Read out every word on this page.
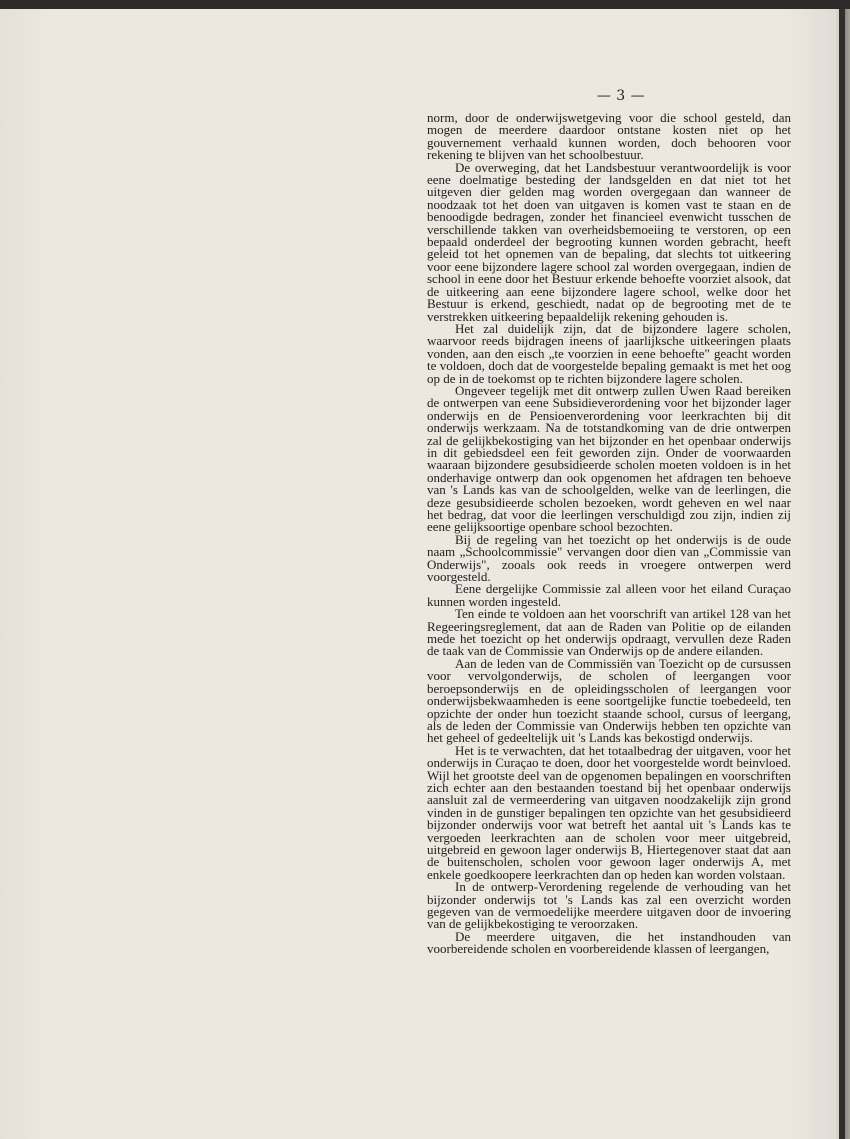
— 3 —

norm, door de onderwijswetgeving voor die school gesteld, dan mogen de meerdere daardoor ontstane kosten niet op het gouvernement verhaald kunnen worden, doch behooren voor rekening te blijven van het schoolbestuur.

De overweging, dat het Landsbestuur verantwoordelijk is voor eene doelmatige besteding der landsgelden en dat niet tot het uitgeven dier gelden mag worden overgegaan dan wanneer de noodzaak tot het doen van uitgaven is komen vast te staan en de benoodigde bedragen, zonder het financieel evenwicht tusschen de verschillende takken van overheidsbemoeiing te verstoren, op een bepaald onderdeel der begrooting kunnen worden gebracht, heeft geleid tot het opnemen van de bepaling, dat slechts tot uitkeering voor eene bijzondere lagere school zal worden overgegaan, indien de school in eene door het Bestuur erkende behoefte voorziet alsook, dat de uitkeering aan eene bijzondere lagere school, welke door het Bestuur is erkend, geschiedt, nadat op de begrooting met de te verstrekken uitkeering bepaaldelijk rekening gehouden is.

Het zal duidelijk zijn, dat de bijzondere lagere scholen, waarvoor reeds bijdragen ineens of jaarlijksche uitkeeringen plaats vonden, aan den eisch „te voorzien in eene behoefte" geacht worden te voldoen, doch dat de voorgestelde bepaling gemaakt is met het oog op de in de toekomst op te richten bijzondere lagere scholen.

Ongeveer tegelijk met dit ontwerp zullen Uwen Raad bereiken de ontwerpen van eene Subsidieverordening voor het bijzonder lager onderwijs en de Pensioenverordening voor leerkrachten bij dit onderwijs werkzaam. Na de totstandkoming van de drie ontwerpen zal de gelijkbekostiging van het bijzonder en het openbaar onderwijs in dit gebiedsdeel een feit geworden zijn. Onder de voorwaarden waaraan bijzondere gesubsidieerde scholen moeten voldoen is in het onderhavige ontwerp dan ook opgenomen het afdragen ten behoeve van 's Lands kas van de schoolgelden, welke van de leerlingen, die deze gesubsidieerde scholen bezoeken, wordt geheven en wel naar het bedrag, dat voor die leerlingen verschuldigd zou zijn, indien zij eene gelijksoortige openbare school bezochten.

Bij de regeling van het toezicht op het onderwijs is de oude naam „Schoolcommissie" vervangen door dien van „Commissie van Onderwijs", zooals ook reeds in vroegere ontwerpen werd voorgesteld.

Eene dergelijke Commissie zal alleen voor het eiland Curaçao kunnen worden ingesteld.

Ten einde te voldoen aan het voorschrift van artikel 128 van het Regeeringsreglement, dat aan de Raden van Politie op de eilanden mede het toezicht op het onderwijs opdraagt, vervullen deze Raden de taak van de Commissie van Onderwijs op de andere eilanden.

Aan de leden van de Commissiën van Toezicht op de cursussen voor vervolgonderwijs, de scholen of leergangen voor beroepsonderwijs en de opleidingsscholen of leergangen voor onderwijsbekwaamheden is eene soortgelijke functie toebedeeld, ten opzichte der onder hun toezicht staande school, cursus of leergang, als de leden der Commissie van Onderwijs hebben ten opzichte van het geheel of gedeeltelijk uit 's Lands kas bekostigd onderwijs.

Het is te verwachten, dat het totaalbedrag der uitgaven, voor het onderwijs in Curaçao te doen, door het voorgestelde wordt beinvloed. Wijl het grootste deel van de opgenomen bepalingen en voorschriften zich echter aan den bestaanden toestand bij het openbaar onderwijs aansluit zal de vermeerdering van uitgaven noodzakelijk zijn grond vinden in de gunstiger bepalingen ten opzichte van het gesubsidieerd bijzonder onderwijs voor wat betreft het aantal uit 's Lands kas te vergoeden leerkrachten aan de scholen voor meer uitgebreid, uitgebreid en gewoon lager onderwijs B, Hiertegenover staat dat aan de buitenscholen, scholen voor gewoon lager onderwijs A, met enkele goedkoopere leerkrachten dan op heden kan worden volstaan.

In de ontwerp-Verordening regelende de verhouding van het bijzonder onderwijs tot 's Lands kas zal een overzicht worden gegeven van de vermoedelijke meerdere uitgaven door de invoering van de gelijkbekostiging te veroorzaken.

De meerdere uitgaven, die het instandhouden van voorbereidende scholen en voorbereidende klassen of leergangen,
